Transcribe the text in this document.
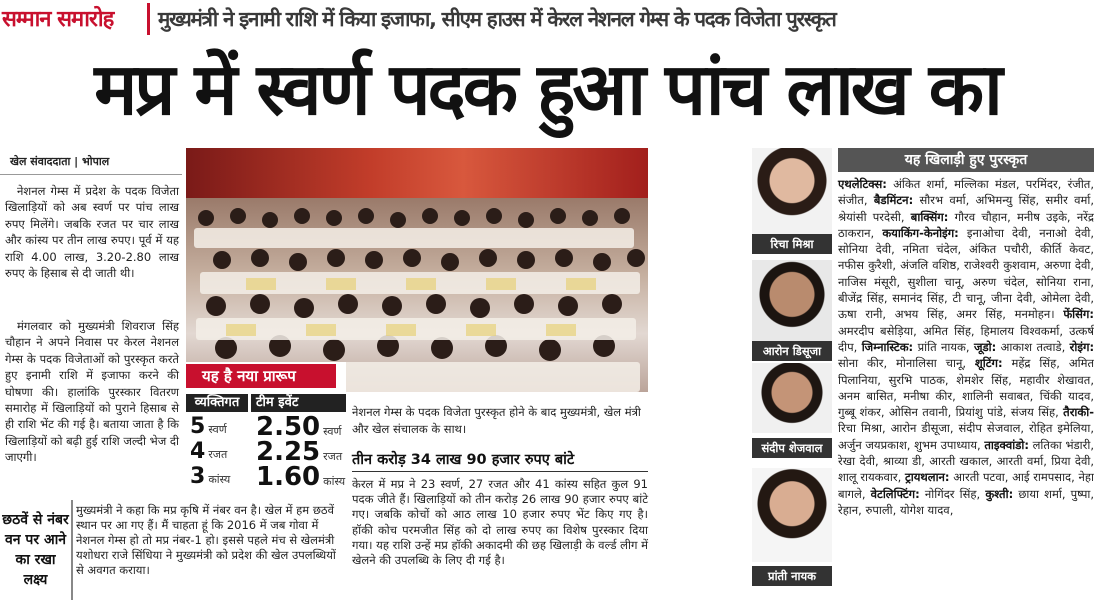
सम्मान समारोह मुख्यमंत्री ने इनामी राशि में किया इजाफा, सीएम हाउस में केरल नेशनल गेम्स के पदक विजेता पुरस्कृत
मप्र में स्वर्ण पदक हुआ पांच लाख का
खेल संवाददाता | भोपाल
नेशनल गेम्स में प्रदेश के पदक विजेता खिलाड़ियों को अब स्वर्ण पर पांच लाख रुपए मिलेंगे। जबकि रजत पर चार लाख और कांस्य पर तीन लाख रुपए। पूर्व में यह राशि 4.00 लाख, 3.20-2.80 लाख रुपए के हिसाब से दी जाती थी।
मंगलवार को मुख्यमंत्री शिवराज सिंह चौहान ने अपने निवास पर केरल नेशनल गेम्स के पदक विजेताओं को पुरस्कृत करते हुए इनामी राशि में इजाफा करने की घोषणा की। हालांकि पुरस्कार वितरण समारोह में खिलाड़ियों को पुराने हिसाब से ही राशि भेंट की गई है। बताया जाता है कि खिलाड़ियों को बढ़ी हुई राशि जल्दी भेज दी जाएगी।
छठवें से नंबर वन पर आने का रखा लक्ष्य
मुख्यमंत्री ने कहा कि मप्र कृषि में नंबर वन है। खेल में हम छठवें स्थान पर आ गए हैं। मैं चाहता हूं कि 2016 में जब गोवा में नेशनल गेम्स हो तो मप्र नंबर-1 हो। इससे पहले मंच से खेलमंत्री यशोधरा राजे सिंधिया ने मुख्यमंत्री को प्रदेश की खेल उपलब्धियों से अवगत कराया।
यह है नया प्रारूप
व्यक्तिगत	टीम इवेंट
5 स्वर्ण
4 रजत
3 कांस्य
2.50 स्वर्ण
2.25 रजत
1.60 कांस्य
नेशनल गेम्स के पदक विजेता पुरस्कृत होने के बाद मुख्यमंत्री, खेल मंत्री और खेल संचालक के साथ।
तीन करोड़ 34 लाख 90 हजार रुपए बांटे
केरल में मप्र ने 23 स्वर्ण, 27 रजत और 41 कांस्य सहित कुल 91 पदक जीते हैं। खिलाड़ियों को तीन करोड़ 26 लाख 90 हजार रुपए बांटे गए। जबकि कोचों को आठ लाख 10 हजार रुपए भेंट किए गए है। हॉकी कोच परमजीत सिंह को दो लाख रुपए का विशेष पुरस्कार दिया गया। यह राशि उन्हें मप्र हॉकी अकादमी की छह खिलाड़ी के वर्ल्ड लीग में खेलने की उपलब्धि के लिए दी गई है।
रिचा मिश्रा
आरोन डिसूजा
संदीप शेजवाल
प्रांती नायक
यह खिलाड़ी हुए पुरस्कृत
एथलेटिक्स: अंकित शर्मा, मल्लिका मंडल, परमिंदर, रंजीत, संजीत, बैडमिंटन: सौरभ वर्मा, अभिमन्यु सिंह, समीर वर्मा, श्रेयांसी परदेसी, बाक्सिंग: गौरव चौहान, मनीष उइके, नरेंद्र ठाकरान, कयाकिंग-केनोइंग: इनाओचा देवी, ननाओ देवी, सोनिया देवी, नमिता चंदेल, अंकित पचौरी, कीर्ति केवट, नफीस कुरैशी, अंजलि वशिष्ठ, राजेश्वरी कुशवाम, अरुणा देवी, नाजिस मंसूरी, सुशीला चानू, अरुण चंदेल, सोनिया राना, बीजेंद्र सिंह, समानंद सिंह, टी चानू, जीना देवी, ओमेला देवी, ऊषा रानी, अभय सिंह, अमर सिंह, मनमोहन। फेंसिंग: अमरदीप बसेड़िया, अमित सिंह, हिमालय विश्वकर्मा, उत्कर्ष दीप, जिम्नास्टिक: प्रांति नायक, जूडो: आकाश तत्वाडे, रोइंग: सोना कीर, मोनालिसा चानू, शूटिंग: महेंद्र सिंह, अमित पिलानिया, सुरभि पाठक, शेमशेर सिंह, महावीर शेखावत, अनम बासित, मनीषा कीर, शालिनी सवाबत, चिंकी यादव, गुब्बू शंकर, ओसिन तवानी, प्रियांशु पांडे, संजय सिंह, तैराकी- रिचा मिश्रा, आरोन डीसूजा, संदीप सेजवाल, रोहित इमेलिया, अर्जुन जयप्रकाश, शुभम उपाध्याय, ताइक्वांडो: लतिका भंडारी, रेखा देवी, श्राव्या डी, आरती खकाल, आरती वर्मा, प्रिया देवी, शालू रायकवार, ट्रायथलान: आरती पटवा, आई रामपसाद, नेहा बागले, वेटलिफ्टिंग: नोगिंदर सिंह, कुश्ती: छाया शर्मा, पुष्पा, रेहान, रुपाली, योगेश यादव,
